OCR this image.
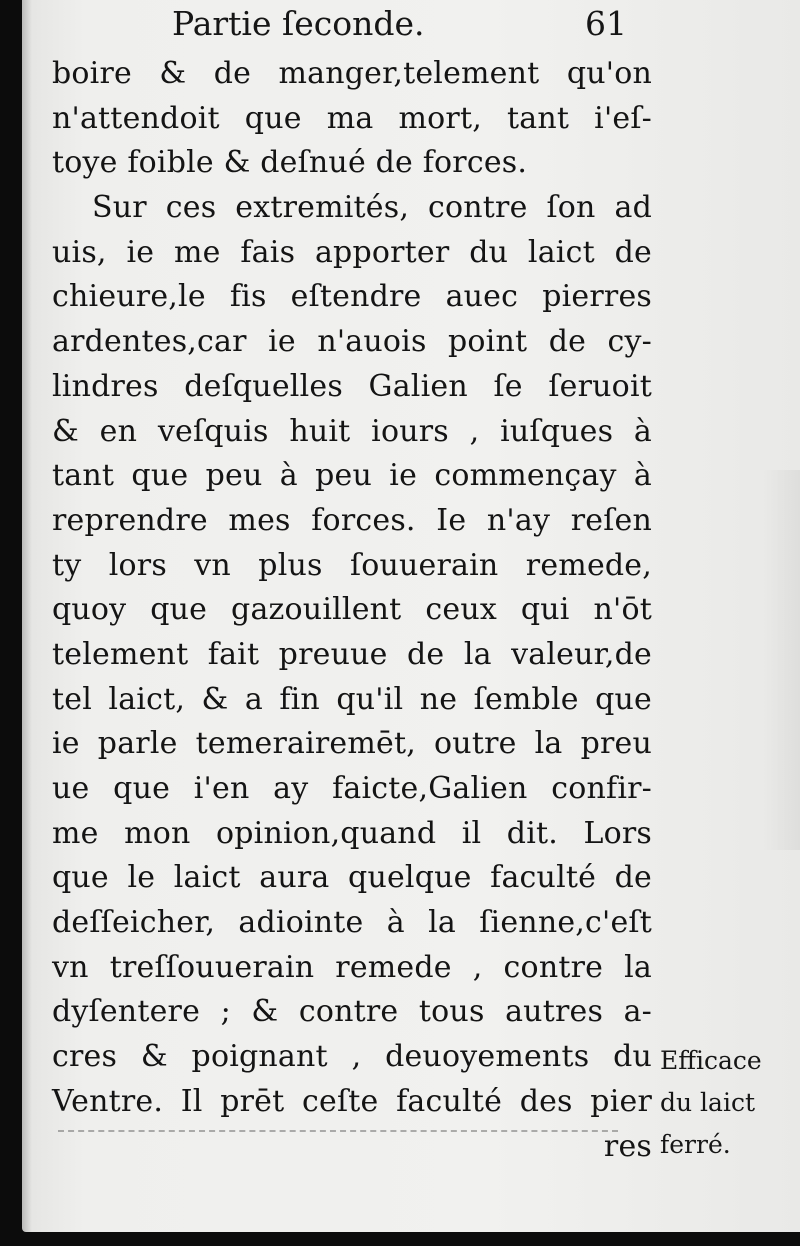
Partie ſeconde.	61
boire & de manger,telement qu'on
n'attendoit que ma mort, tant i'eſ-
toye foible & deſnué de forces.
Sur ces extremités, contre ſon ad
uis, ie me fais apporter du laict de
chieure,le fis eſtendre auec pierres
ardentes,car ie n'auois point de cy-
lindres deſquelles Galien ſe ſeruoit
& en veſquis huit iours , iuſques à
tant que peu à peu ie commençay à
reprendre mes forces. Ie n'ay reſen
ty lors vn plus ſouuerain remede,
quoy que gazouillent ceux qui n'ōt
telement fait preuue de la valeur,de
tel laict, & a fin qu'il ne ſemble que
ie parle temerairemēt, outre la preu
ue que i'en ay faicte,Galien confir-
me mon opinion,quand il dit. Lors
que le laict aura quelque faculté de
deſſeicher, adiointe à la ſienne,c'eſt
vn treſſouuerain remede , contre la
dyſentere ; & contre tous autres a-
cres & poignant , deuoyements du
Ventre. Il prēt ceſte faculté des pier
res
Efficace
du laict
ferré.
